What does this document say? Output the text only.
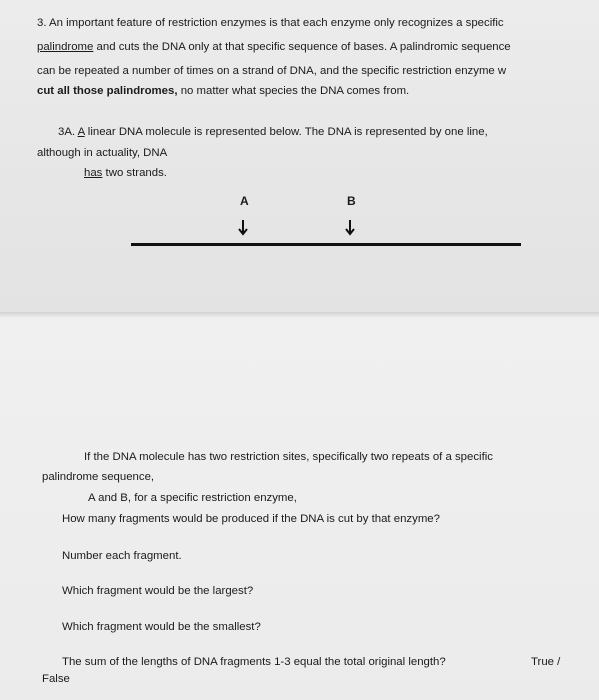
3. An important feature of restriction enzymes is that each enzyme only recognizes a specific
palindrome and cuts the DNA only at that specific sequence of bases. A palindromic sequence
can be repeated a number of times on a strand of DNA, and the specific restriction enzyme w
cut all those palindromes, no matter what species the DNA comes from.
3A. A linear DNA molecule is represented below. The DNA is represented by one line,
although in actuality, DNA
has two strands.
A	B
If the DNA molecule has two restriction sites, specifically two repeats of a specific
palindrome sequence,
A and B, for a specific restriction enzyme,
How many fragments would be produced if the DNA is cut by that enzyme?
Number each fragment.
Which fragment would be the largest?
Which fragment would be the smallest?
The sum of the lengths of DNA fragments 1-3 equal the total original length?	True /
False
